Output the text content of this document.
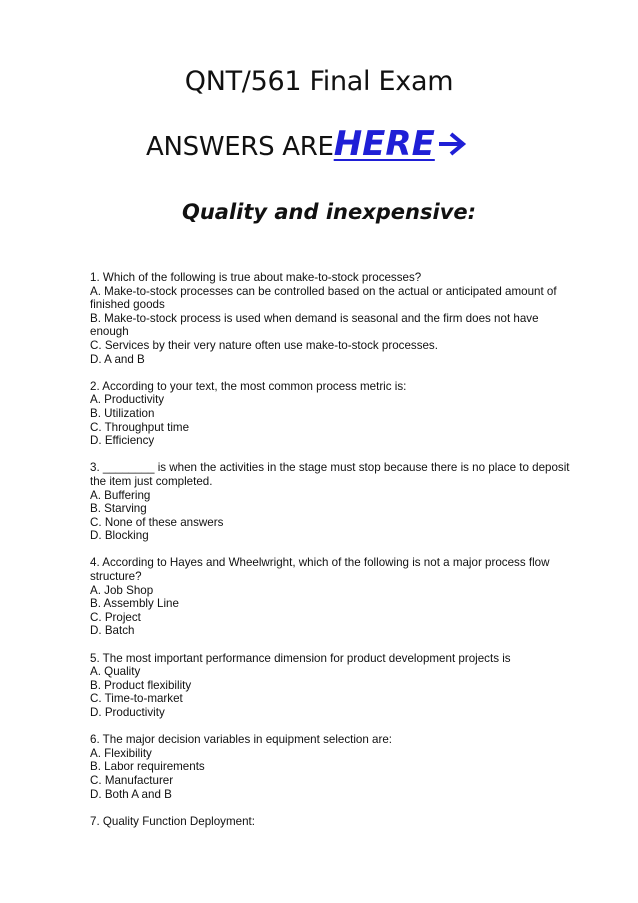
QNT/561 Final Exam
ANSWERS AREHERE
Quality and inexpensive:
1. Which of the following is true about make-to-stock processes?
A. Make-to-stock processes can be controlled based on the actual or anticipated amount of
finished goods
B. Make-to-stock process is used when demand is seasonal and the firm does not have
enough
C. Services by their very nature often use make-to-stock processes.
D. A and B
2. According to your text, the most common process metric is:
A. Productivity
B. Utilization
C. Throughput time
D. Efficiency
3. ________ is when the activities in the stage must stop because there is no place to deposit
the item just completed.
A. Buffering
B. Starving
C. None of these answers
D. Blocking
4. According to Hayes and Wheelwright, which of the following is not a major process flow
structure?
A. Job Shop
B. Assembly Line
C. Project
D. Batch
5. The most important performance dimension for product development projects is
A. Quality
B. Product flexibility
C. Time-to-market
D. Productivity
6. The major decision variables in equipment selection are:
A. Flexibility
B. Labor requirements
C. Manufacturer
D. Both A and B
7. Quality Function Deployment:
